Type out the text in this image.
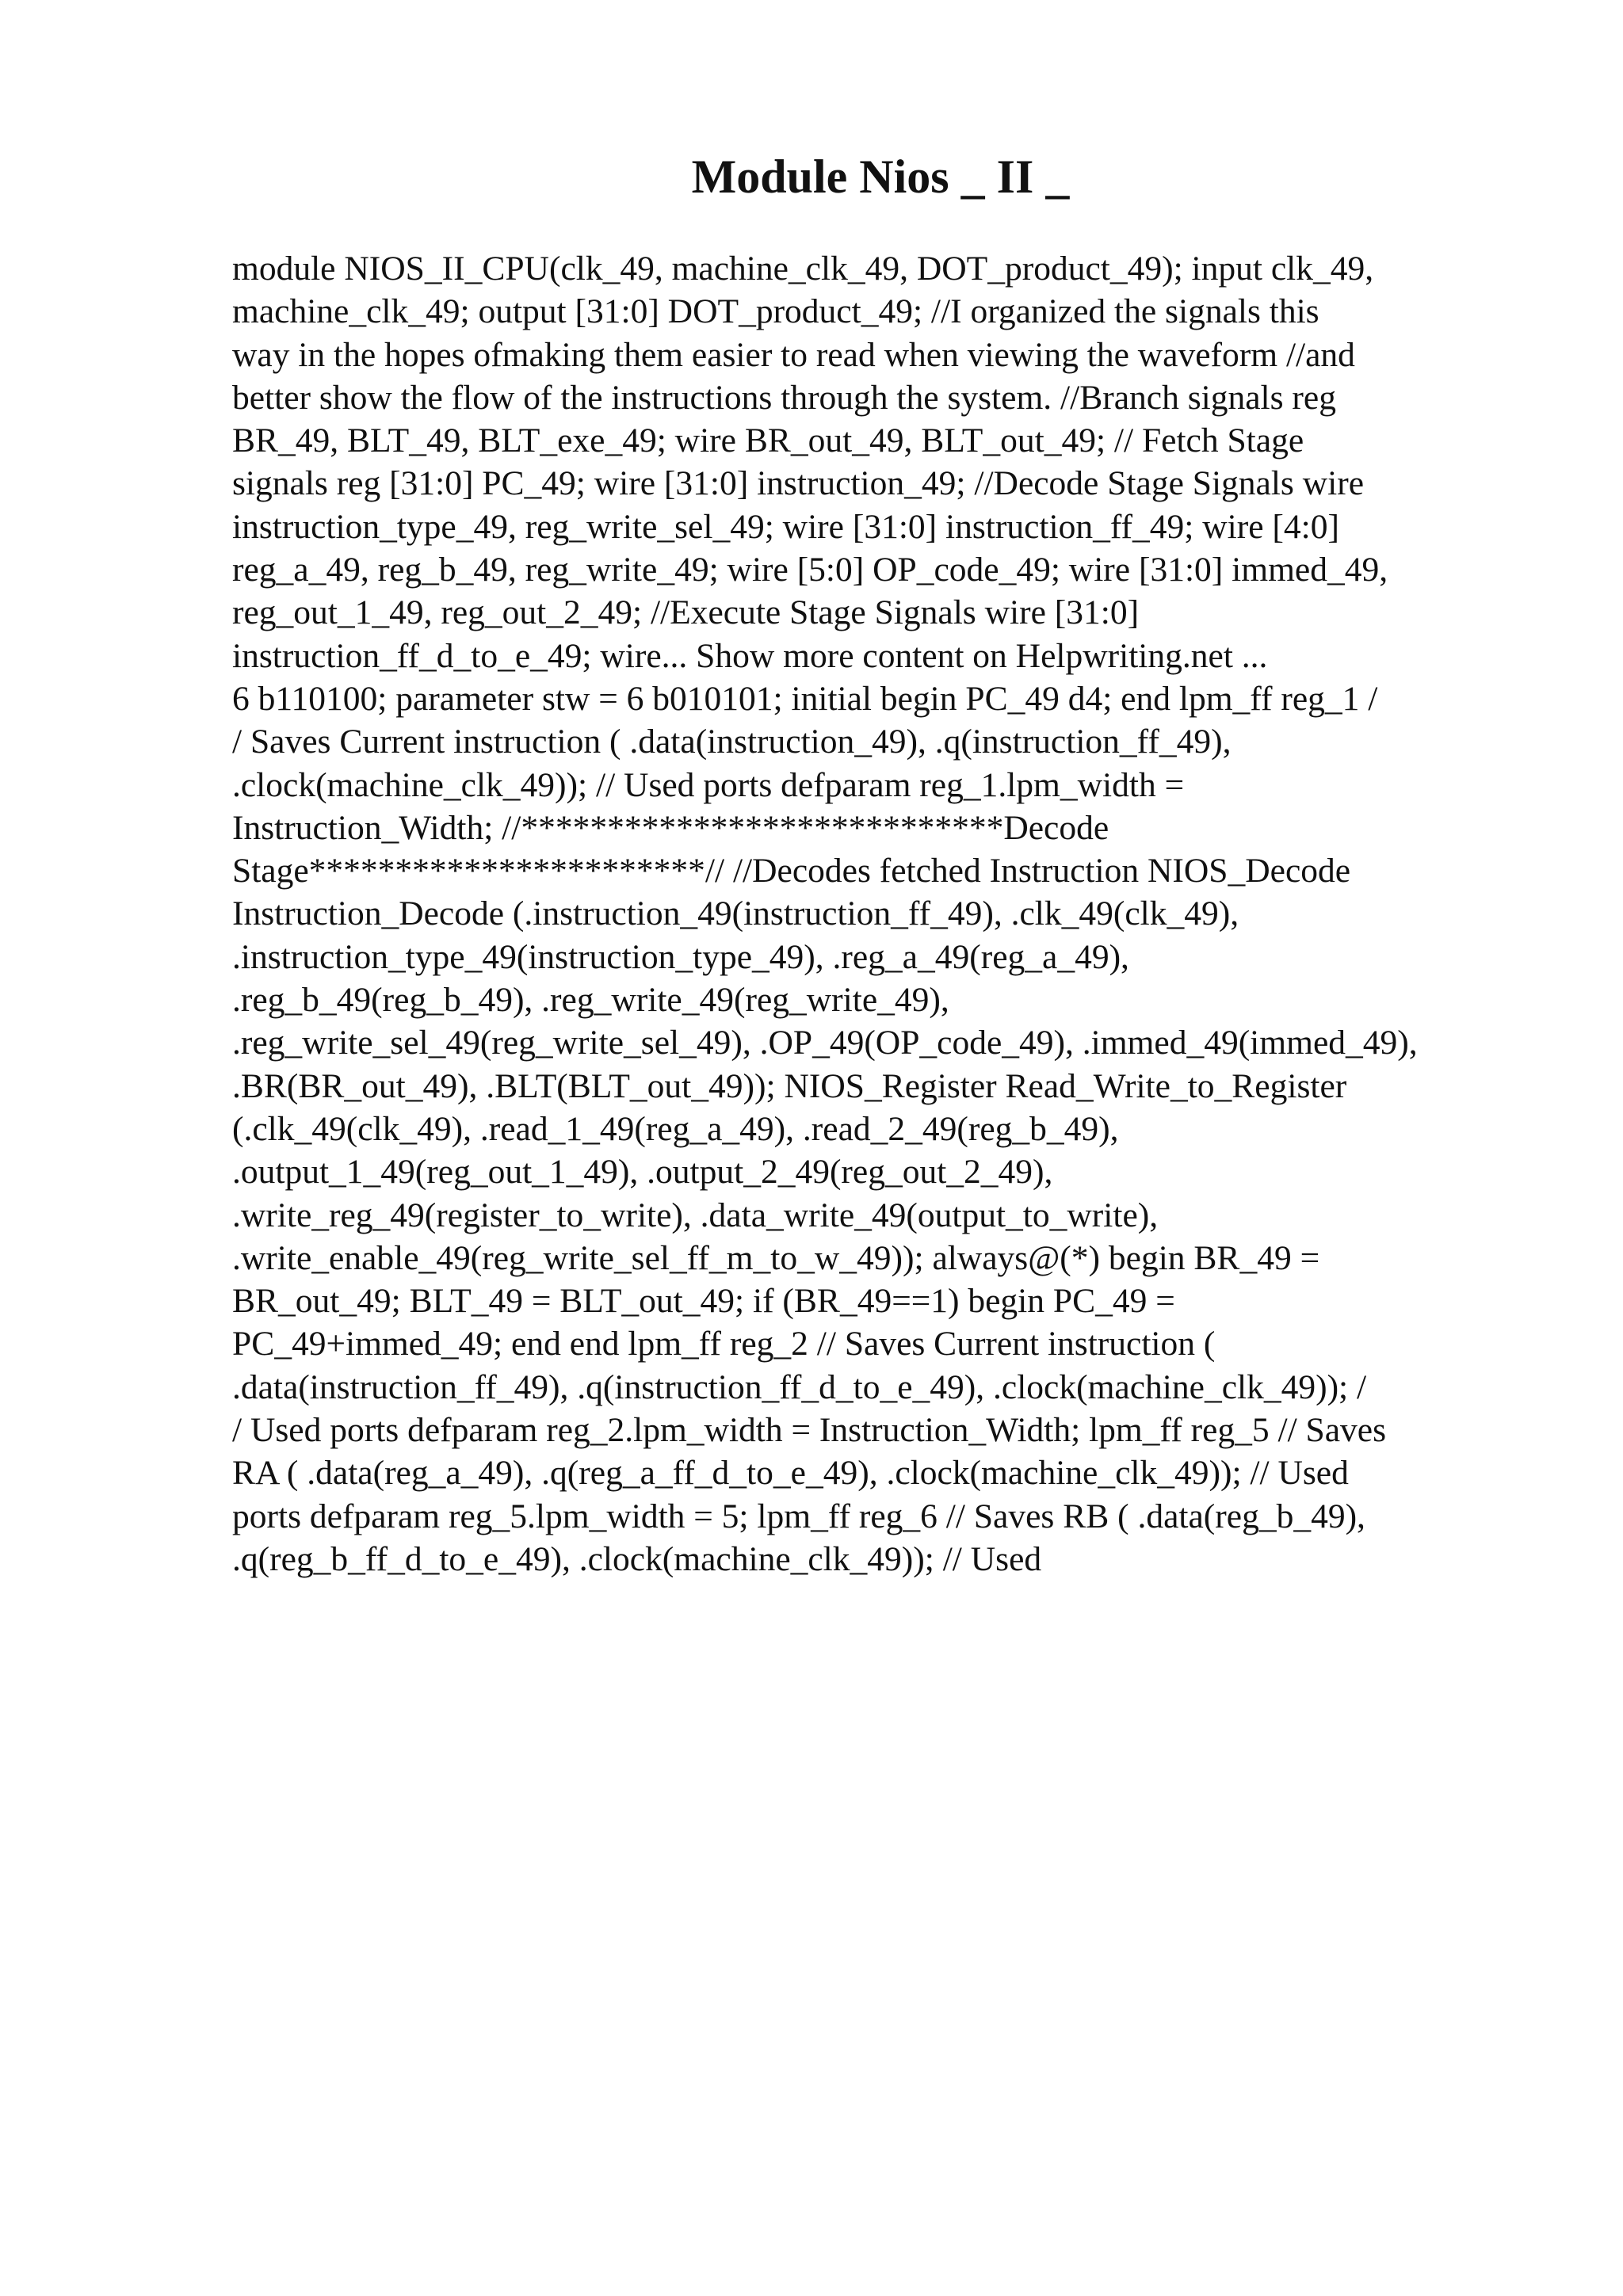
Module Nios _ II _
module NIOS_II_CPU(clk_49, machine_clk_49, DOT_product_49); input clk_49,
machine_clk_49; output [31:0] DOT_product_49; //I organized the signals this
way in the hopes ofmaking them easier to read when viewing the waveform //and
better show the flow of the instructions through the system. //Branch signals reg
BR_49, BLT_49, BLT_exe_49; wire BR_out_49, BLT_out_49; // Fetch Stage
signals reg [31:0] PC_49; wire [31:0] instruction_49; //Decode Stage Signals wire
instruction_type_49, reg_write_sel_49; wire [31:0] instruction_ff_49; wire [4:0]
reg_a_49, reg_b_49, reg_write_49; wire [5:0] OP_code_49; wire [31:0] immed_49,
reg_out_1_49, reg_out_2_49; //Execute Stage Signals wire [31:0]
instruction_ff_d_to_e_49; wire... Show more content on Helpwriting.net ...
6 b110100; parameter stw = 6 b010101; initial begin PC_49 d4; end lpm_ff reg_1 /
/ Saves Current instruction ( .data(instruction_49), .q(instruction_ff_49),
.clock(machine_clk_49)); // Used ports defparam reg_1.lpm_width =
Instruction_Width; //****************************Decode
Stage***********************// //Decodes fetched Instruction NIOS_Decode
Instruction_Decode (.instruction_49(instruction_ff_49), .clk_49(clk_49),
.instruction_type_49(instruction_type_49), .reg_a_49(reg_a_49),
.reg_b_49(reg_b_49), .reg_write_49(reg_write_49),
.reg_write_sel_49(reg_write_sel_49), .OP_49(OP_code_49), .immed_49(immed_49),
.BR(BR_out_49), .BLT(BLT_out_49)); NIOS_Register Read_Write_to_Register
(.clk_49(clk_49), .read_1_49(reg_a_49), .read_2_49(reg_b_49),
.output_1_49(reg_out_1_49), .output_2_49(reg_out_2_49),
.write_reg_49(register_to_write), .data_write_49(output_to_write),
.write_enable_49(reg_write_sel_ff_m_to_w_49)); always@(*) begin BR_49 =
BR_out_49; BLT_49 = BLT_out_49; if (BR_49==1) begin PC_49 =
PC_49+immed_49; end end lpm_ff reg_2 // Saves Current instruction (
.data(instruction_ff_49), .q(instruction_ff_d_to_e_49), .clock(machine_clk_49)); /
/ Used ports defparam reg_2.lpm_width = Instruction_Width; lpm_ff reg_5 // Saves
RA ( .data(reg_a_49), .q(reg_a_ff_d_to_e_49), .clock(machine_clk_49)); // Used
ports defparam reg_5.lpm_width = 5; lpm_ff reg_6 // Saves RB ( .data(reg_b_49),
.q(reg_b_ff_d_to_e_49), .clock(machine_clk_49)); // Used
